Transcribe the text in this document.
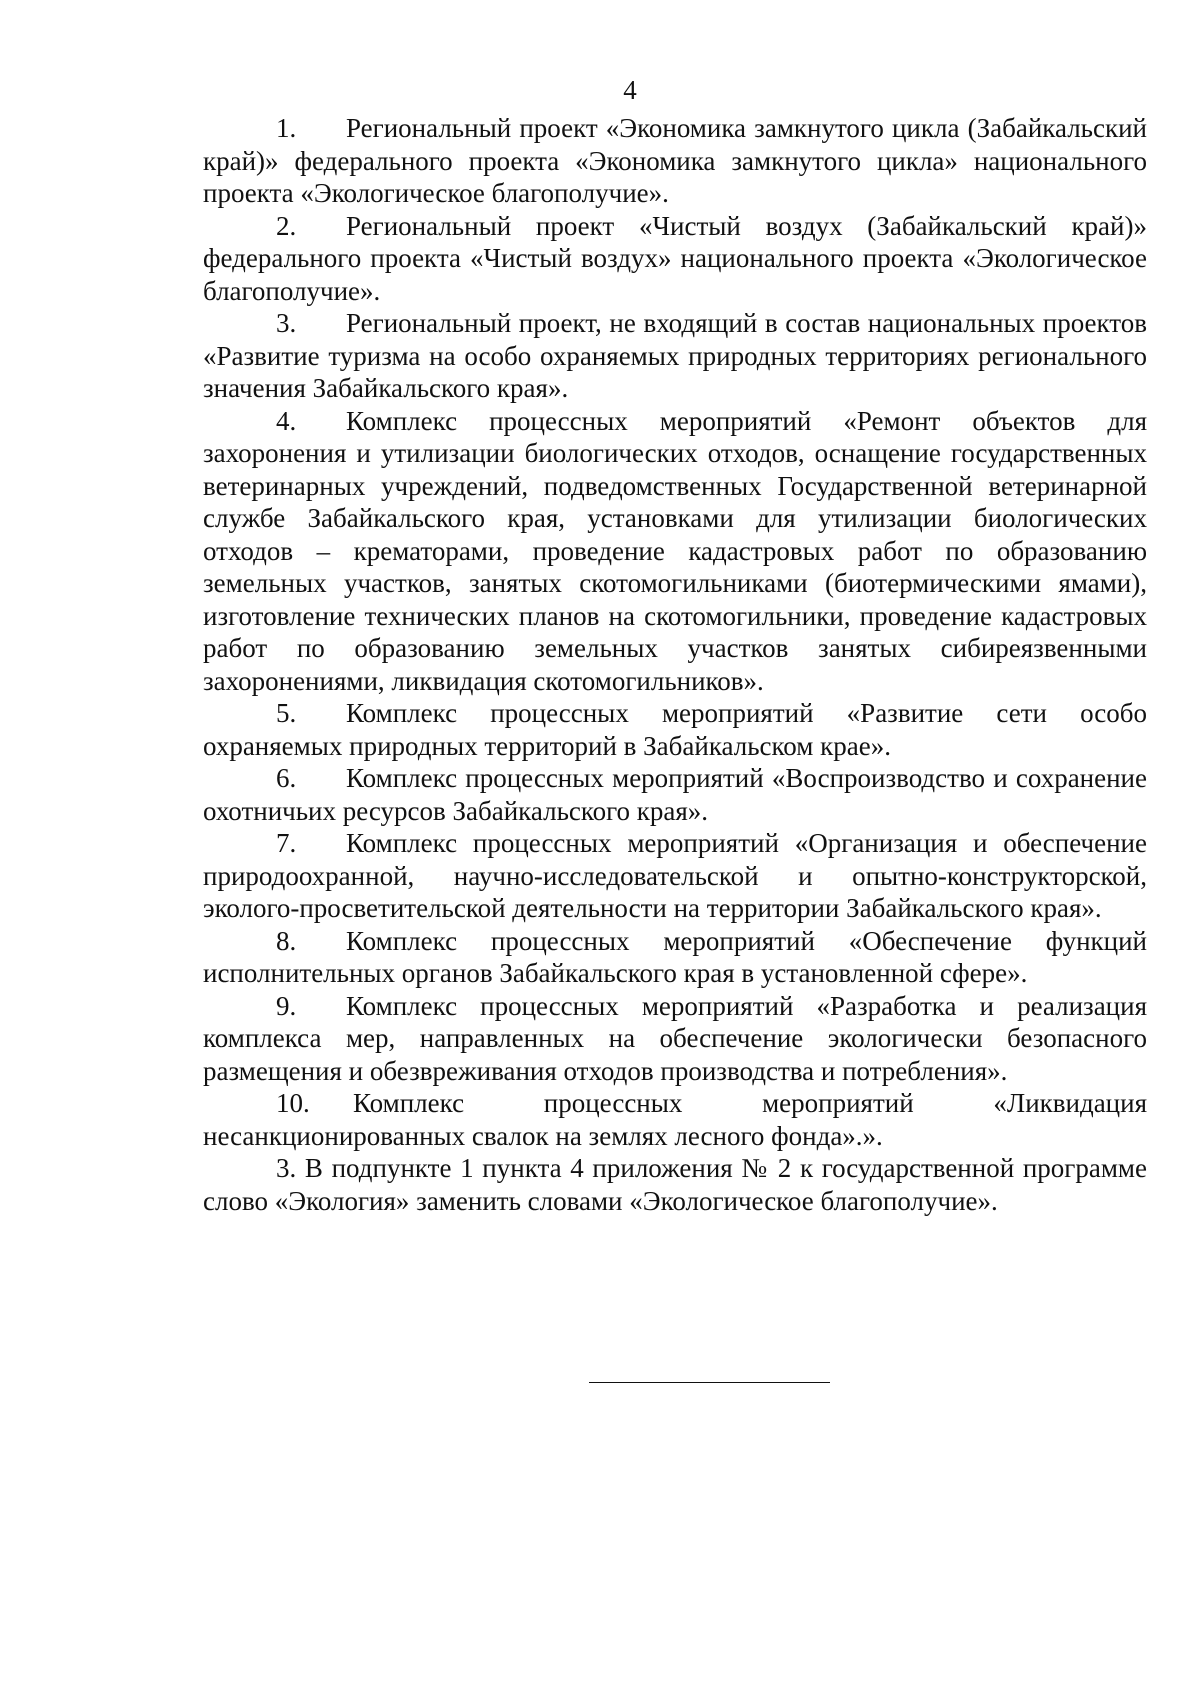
4

1. Региональный проект «Экономика замкнутого цикла (Забайкальский край)» федерального проекта «Экономика замкнутого цикла» национального проекта «Экологическое благополучие».

2. Региональный проект «Чистый воздух (Забайкальский край)» федерального проекта «Чистый воздух» национального проекта «Экологическое благополучие».

3. Региональный проект, не входящий в состав национальных проектов «Развитие туризма на особо охраняемых природных территориях регионального значения Забайкальского края».

4. Комплекс процессных мероприятий «Ремонт объектов для захоронения и утилизации биологических отходов, оснащение государственных ветеринарных учреждений, подведомственных Государственной ветеринарной службе Забайкальского края, установками для утилизации биологических отходов – крематорами, проведение кадастровых работ по образованию земельных участков, занятых скотомогильниками (биотермическими ямами), изготовление технических планов на скотомогильники, проведение кадастровых работ по образованию земельных участков занятых сибиреязвенными захоронениями, ликвидация скотомогильников».

5. Комплекс процессных мероприятий «Развитие сети особо охраняемых природных территорий в Забайкальском крае».

6. Комплекс процессных мероприятий «Воспроизводство и сохранение охотничьих ресурсов Забайкальского края».

7. Комплекс процессных мероприятий «Организация и обеспечение природоохранной, научно-исследовательской и опытно-конструкторской, эколого-просветительской деятельности на территории Забайкальского края».

8. Комплекс процессных мероприятий «Обеспечение функций исполнительных органов Забайкальского края в установленной сфере».

9. Комплекс процессных мероприятий «Разработка и реализация комплекса мер, направленных на обеспечение экологически безопасного размещения и обезвреживания отходов производства и потребления».

10. Комплекс процессных мероприятий «Ликвидация несанкционированных свалок на землях лесного фонда».».

3. В подпункте 1 пункта 4 приложения № 2 к государственной программе слово «Экология» заменить словами «Экологическое благополучие».
